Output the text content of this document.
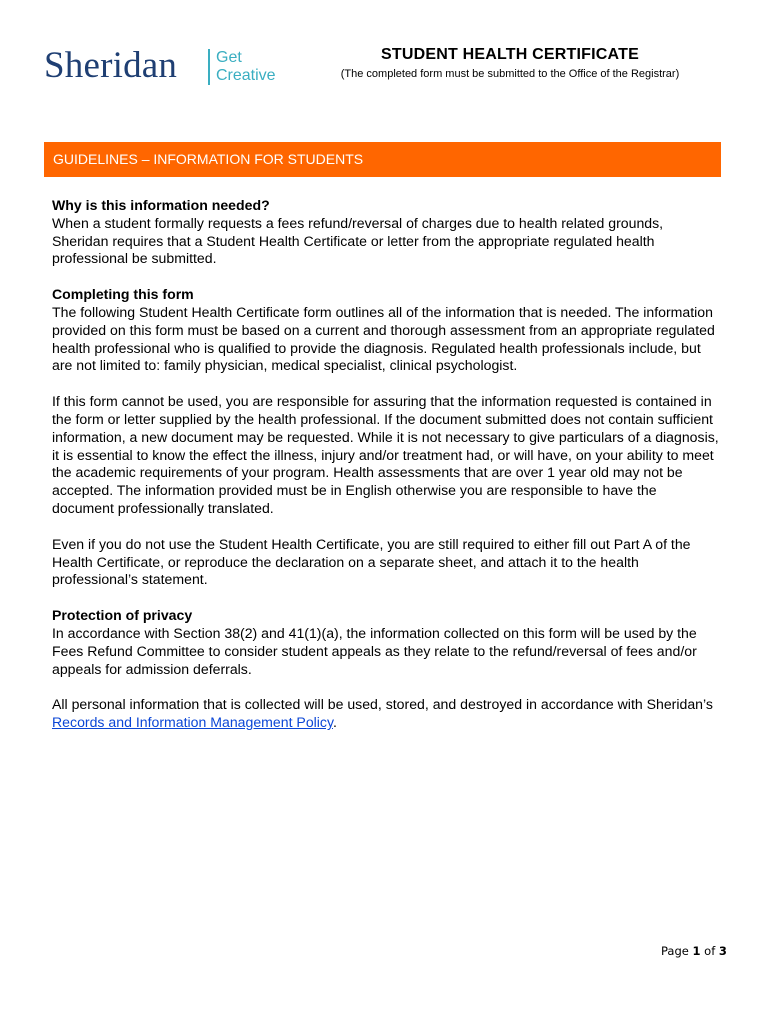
Sheridan Get
Creative
STUDENT HEALTH CERTIFICATE
(The completed form must be submitted to the Office of the Registrar)
GUIDELINES – INFORMATION FOR STUDENTS
Why is this information needed?

When a student formally requests a fees refund/reversal of charges due to health related grounds, Sheridan requires that a Student Health Certificate or letter from the appropriate regulated health professional be submitted.

Completing this form

The following Student Health Certificate form outlines all of the information that is needed. The information provided on this form must be based on a current and thorough assessment from an appropriate regulated health professional who is qualified to provide the diagnosis. Regulated health professionals include, but are not limited to: family physician, medical specialist, clinical psychologist.

If this form cannot be used, you are responsible for assuring that the information requested is contained in the form or letter supplied by the health professional. If the document submitted does not contain sufficient information, a new document may be requested. While it is not necessary to give particulars of a diagnosis, it is essential to know the effect the illness, injury and/or treatment had, or will have, on your ability to meet the academic requirements of your program. Health assessments that are over 1 year old may not be accepted. The information provided must be in English otherwise you are responsible to have the document professionally translated.

Even if you do not use the Student Health Certificate, you are still required to either fill out Part A of the Health Certificate, or reproduce the declaration on a separate sheet, and attach it to the health professional’s statement.

Protection of privacy

In accordance with Section 38(2) and 41(1)(a), the information collected on this form will be used by the Fees Refund Committee to consider student appeals as they relate to the refund/reversal of fees and/or appeals for admission deferrals.

All personal information that is collected will be used, stored, and destroyed in accordance with Sheridan’s Records and Information Management Policy.

Page 1 of 3
